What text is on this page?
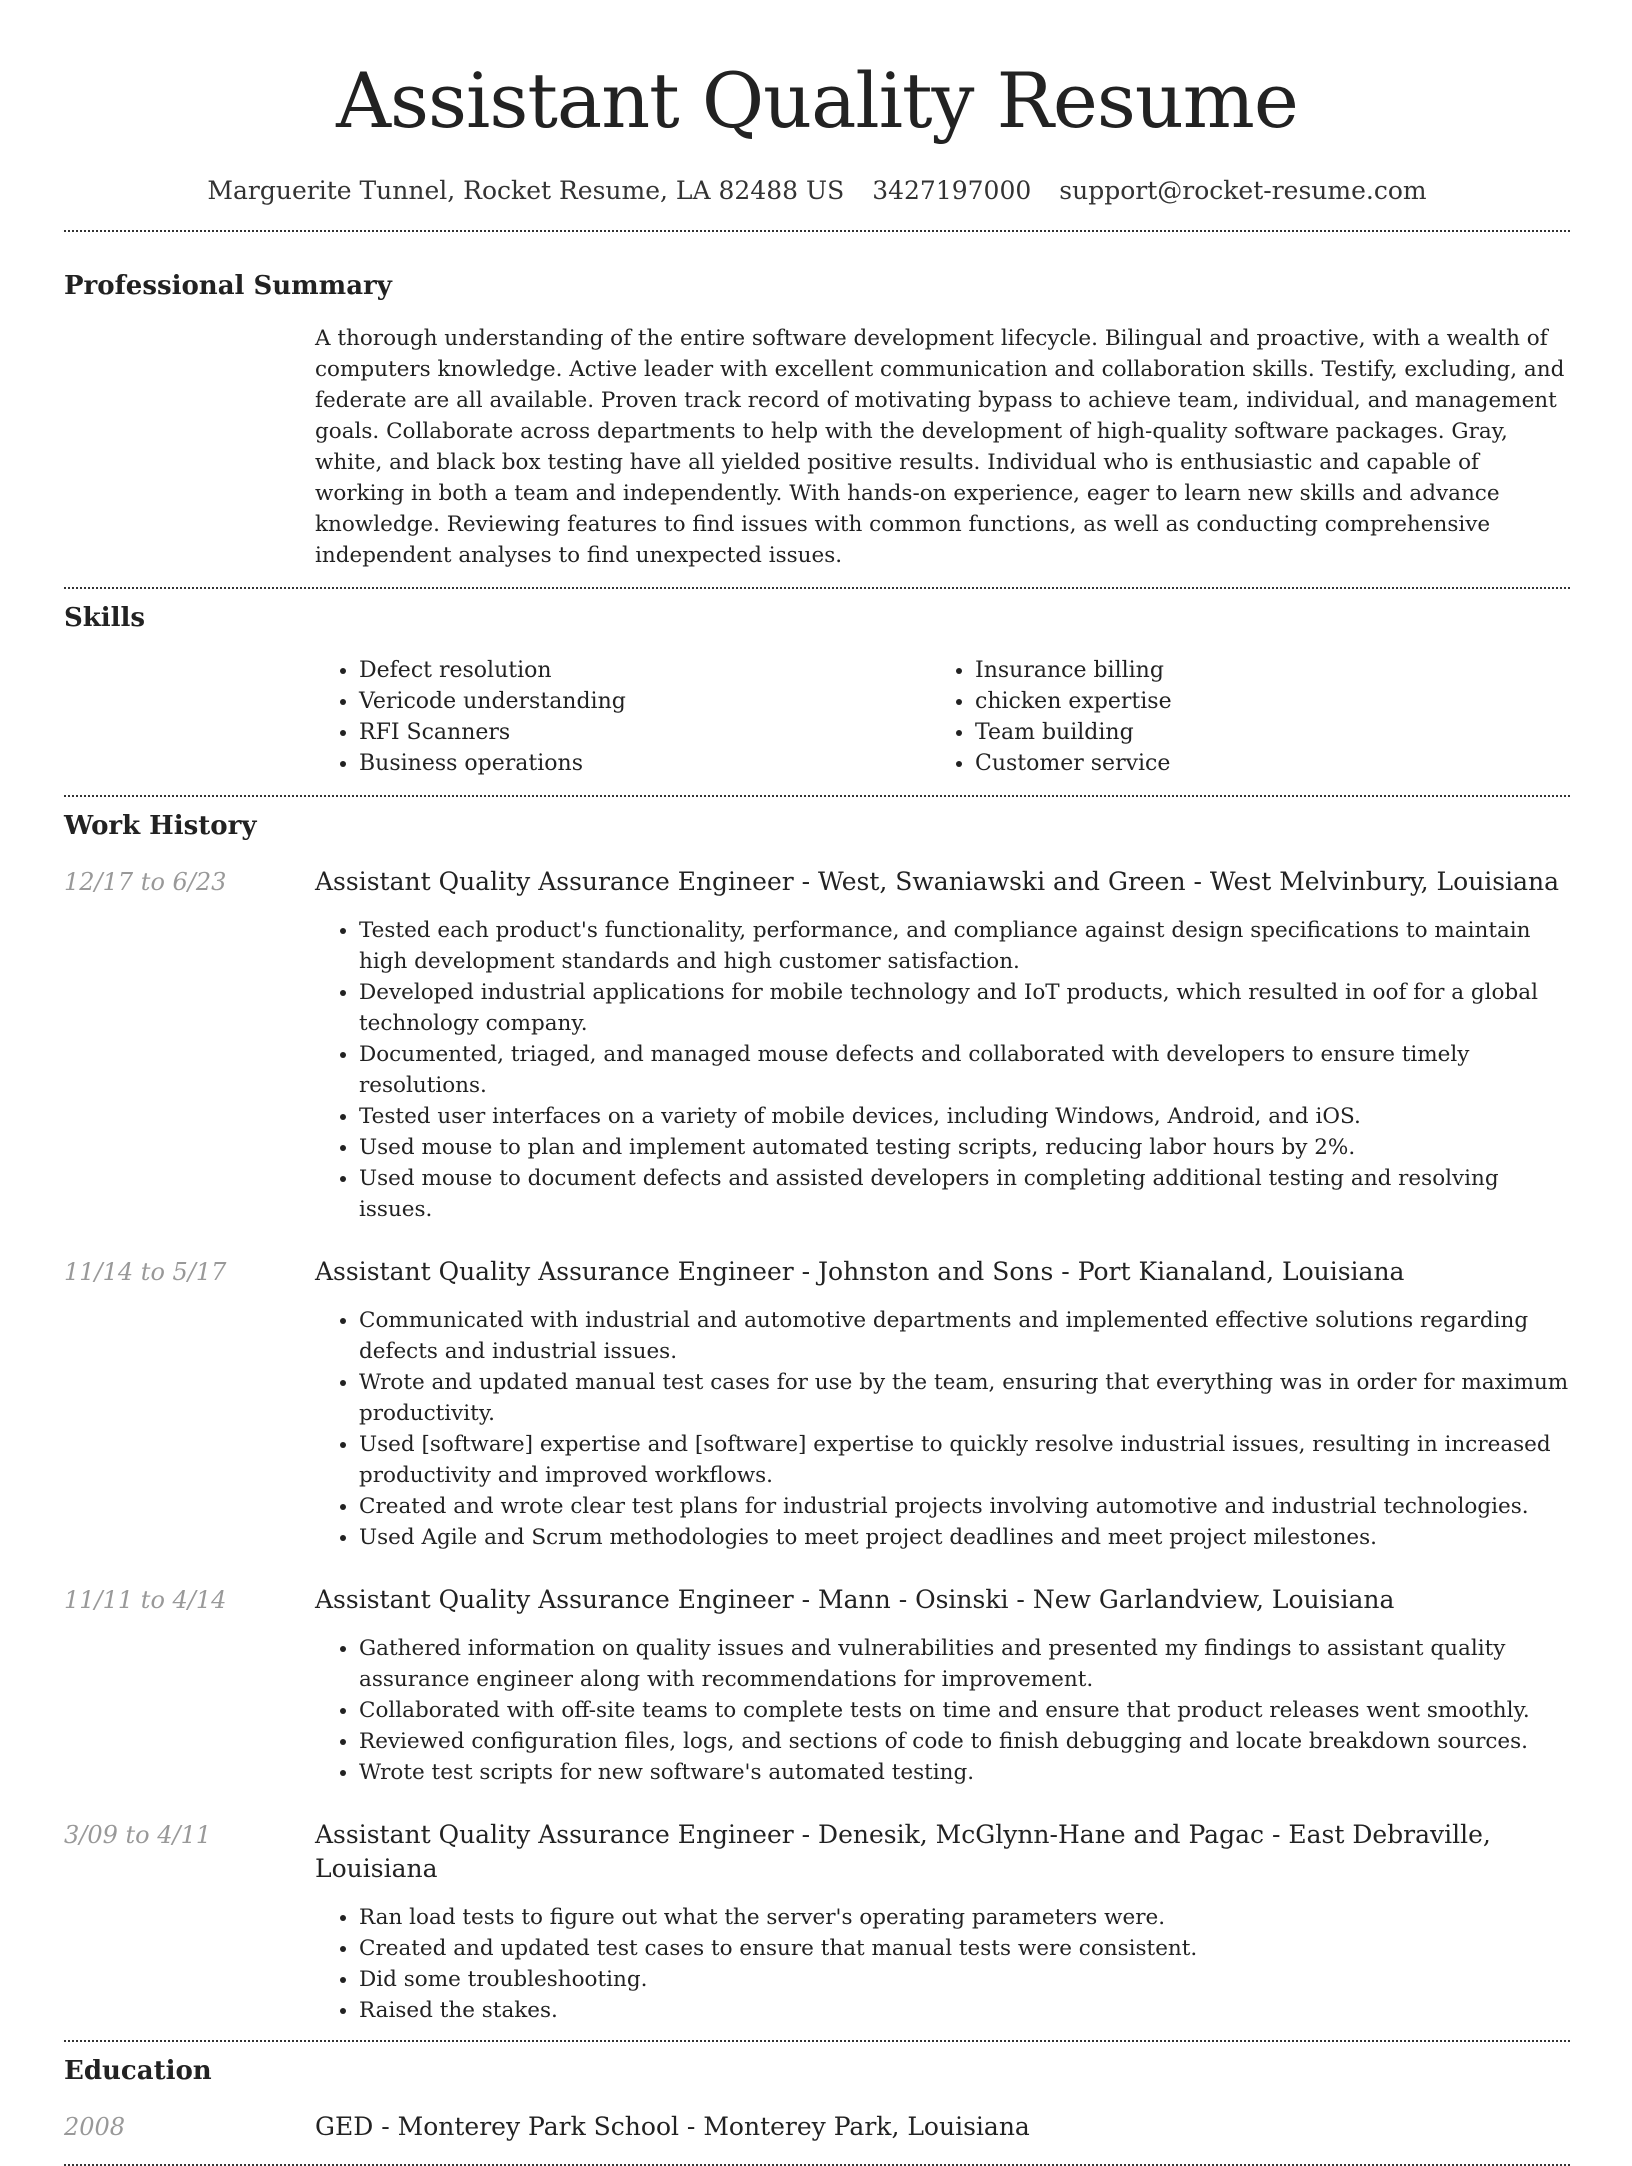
Assistant Quality Resume
Marguerite Tunnel, Rocket Resume, LA 82488 US 3427197000 support@rocket-resume.com
Professional Summary

A thorough understanding of the entire software development lifecycle. Bilingual and proactive, with a wealth of computers knowledge. Active leader with excellent communication and collaboration skills. Testify, excluding, and federate are all available. Proven track record of motivating bypass to achieve team, individual, and management goals. Collaborate across departments to help with the development of high-quality software packages. Gray, white, and black box testing have all yielded positive results. Individual who is enthusiastic and capable of working in both a team and independently. With hands-on experience, eager to learn new skills and advance knowledge. Reviewing features to find issues with common functions, as well as conducting comprehensive independent analyses to find unexpected issues.

Skills
• Defect resolution
• Vericode understanding
• RFI Scanners
• Business operations
• Insurance billing
• chicken expertise
• Team building
• Customer service
Work History
12/17 to 6/23	Assistant Quality Assurance Engineer - West, Swaniawski and Green - West Melvinbury, Louisiana
• Tested each product's functionality, performance, and compliance against design specifications to maintain high development standards and high customer satisfaction.
• Developed industrial applications for mobile technology and IoT products, which resulted in oof for a global technology company.
• Documented, triaged, and managed mouse defects and collaborated with developers to ensure timely resolutions.
• Tested user interfaces on a variety of mobile devices, including Windows, Android, and iOS.
• Used mouse to plan and implement automated testing scripts, reducing labor hours by 2%.
• Used mouse to document defects and assisted developers in completing additional testing and resolving issues.
11/14 to 5/17	Assistant Quality Assurance Engineer - Johnston and Sons - Port Kianaland, Louisiana
• Communicated with industrial and automotive departments and implemented effective solutions regarding defects and industrial issues.
• Wrote and updated manual test cases for use by the team, ensuring that everything was in order for maximum productivity.
• Used [software] expertise and [software] expertise to quickly resolve industrial issues, resulting in increased productivity and improved workflows.
• Created and wrote clear test plans for industrial projects involving automotive and industrial technologies.
• Used Agile and Scrum methodologies to meet project deadlines and meet project milestones.
11/11 to 4/14	Assistant Quality Assurance Engineer - Mann - Osinski - New Garlandview, Louisiana
• Gathered information on quality issues and vulnerabilities and presented my findings to assistant quality assurance engineer along with recommendations for improvement.
• Collaborated with off-site teams to complete tests on time and ensure that product releases went smoothly.
• Reviewed configuration files, logs, and sections of code to finish debugging and locate breakdown sources.
• Wrote test scripts for new software's automated testing.
3/09 to 4/11	Assistant Quality Assurance Engineer - Denesik, McGlynn-Hane and Pagac - East Debraville, Louisiana
• Ran load tests to figure out what the server's operating parameters were.
• Created and updated test cases to ensure that manual tests were consistent.
• Did some troubleshooting.
• Raised the stakes.
Education
2008	GED - Monterey Park School - Monterey Park, Louisiana
